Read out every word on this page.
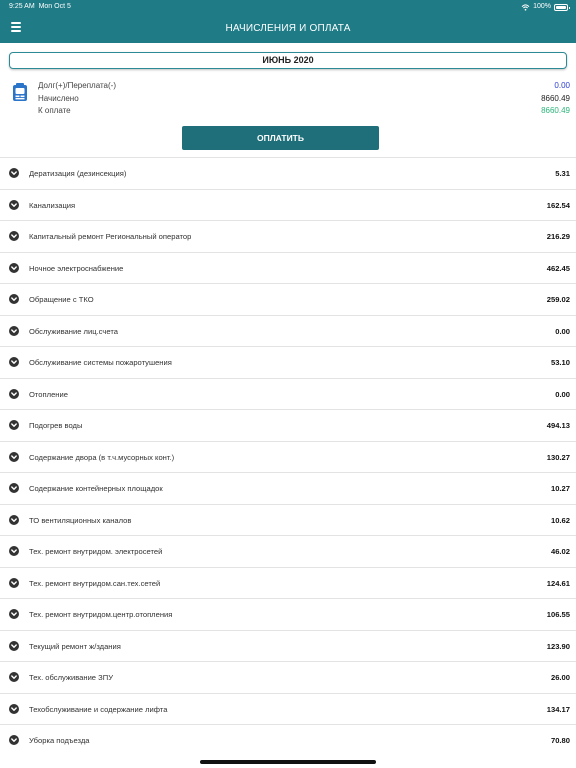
9:25 AM Mon Oct 5	100%
НАЧИСЛЕНИЯ И ОПЛАТА
ИЮНЬ 2020
Долг(+)/Переплата(-)	0.00
Начислено	8660.49
К оплате	8660.49
ОПЛАТИТЬ
Дератизация (дезинсекция)	5.31
Канализация	162.54
Капитальный ремонт Региональный оператор	216.29
Ночное электроснабжение	462.45
Обращение с ТКО	259.02
Обслуживание лиц.счета	0.00
Обслуживание системы пожаротушения	53.10
Отопление	0.00
Подогрев воды	494.13
Содержание двора (в т.ч.мусорных конт.)	130.27
Содержание контейнерных площадок	10.27
ТО вентиляционных каналов	10.62
Тех. ремонт внутридом. электросетей	46.02
Тех. ремонт внутридом.сан.тех.сетей	124.61
Тех. ремонт внутридом.центр.отопления	106.55
Текущий ремонт ж/здания	123.90
Тех. обслуживание ЗПУ	26.00
Техобслуживание и содержание лифта	134.17
Уборка подъезда	70.80
